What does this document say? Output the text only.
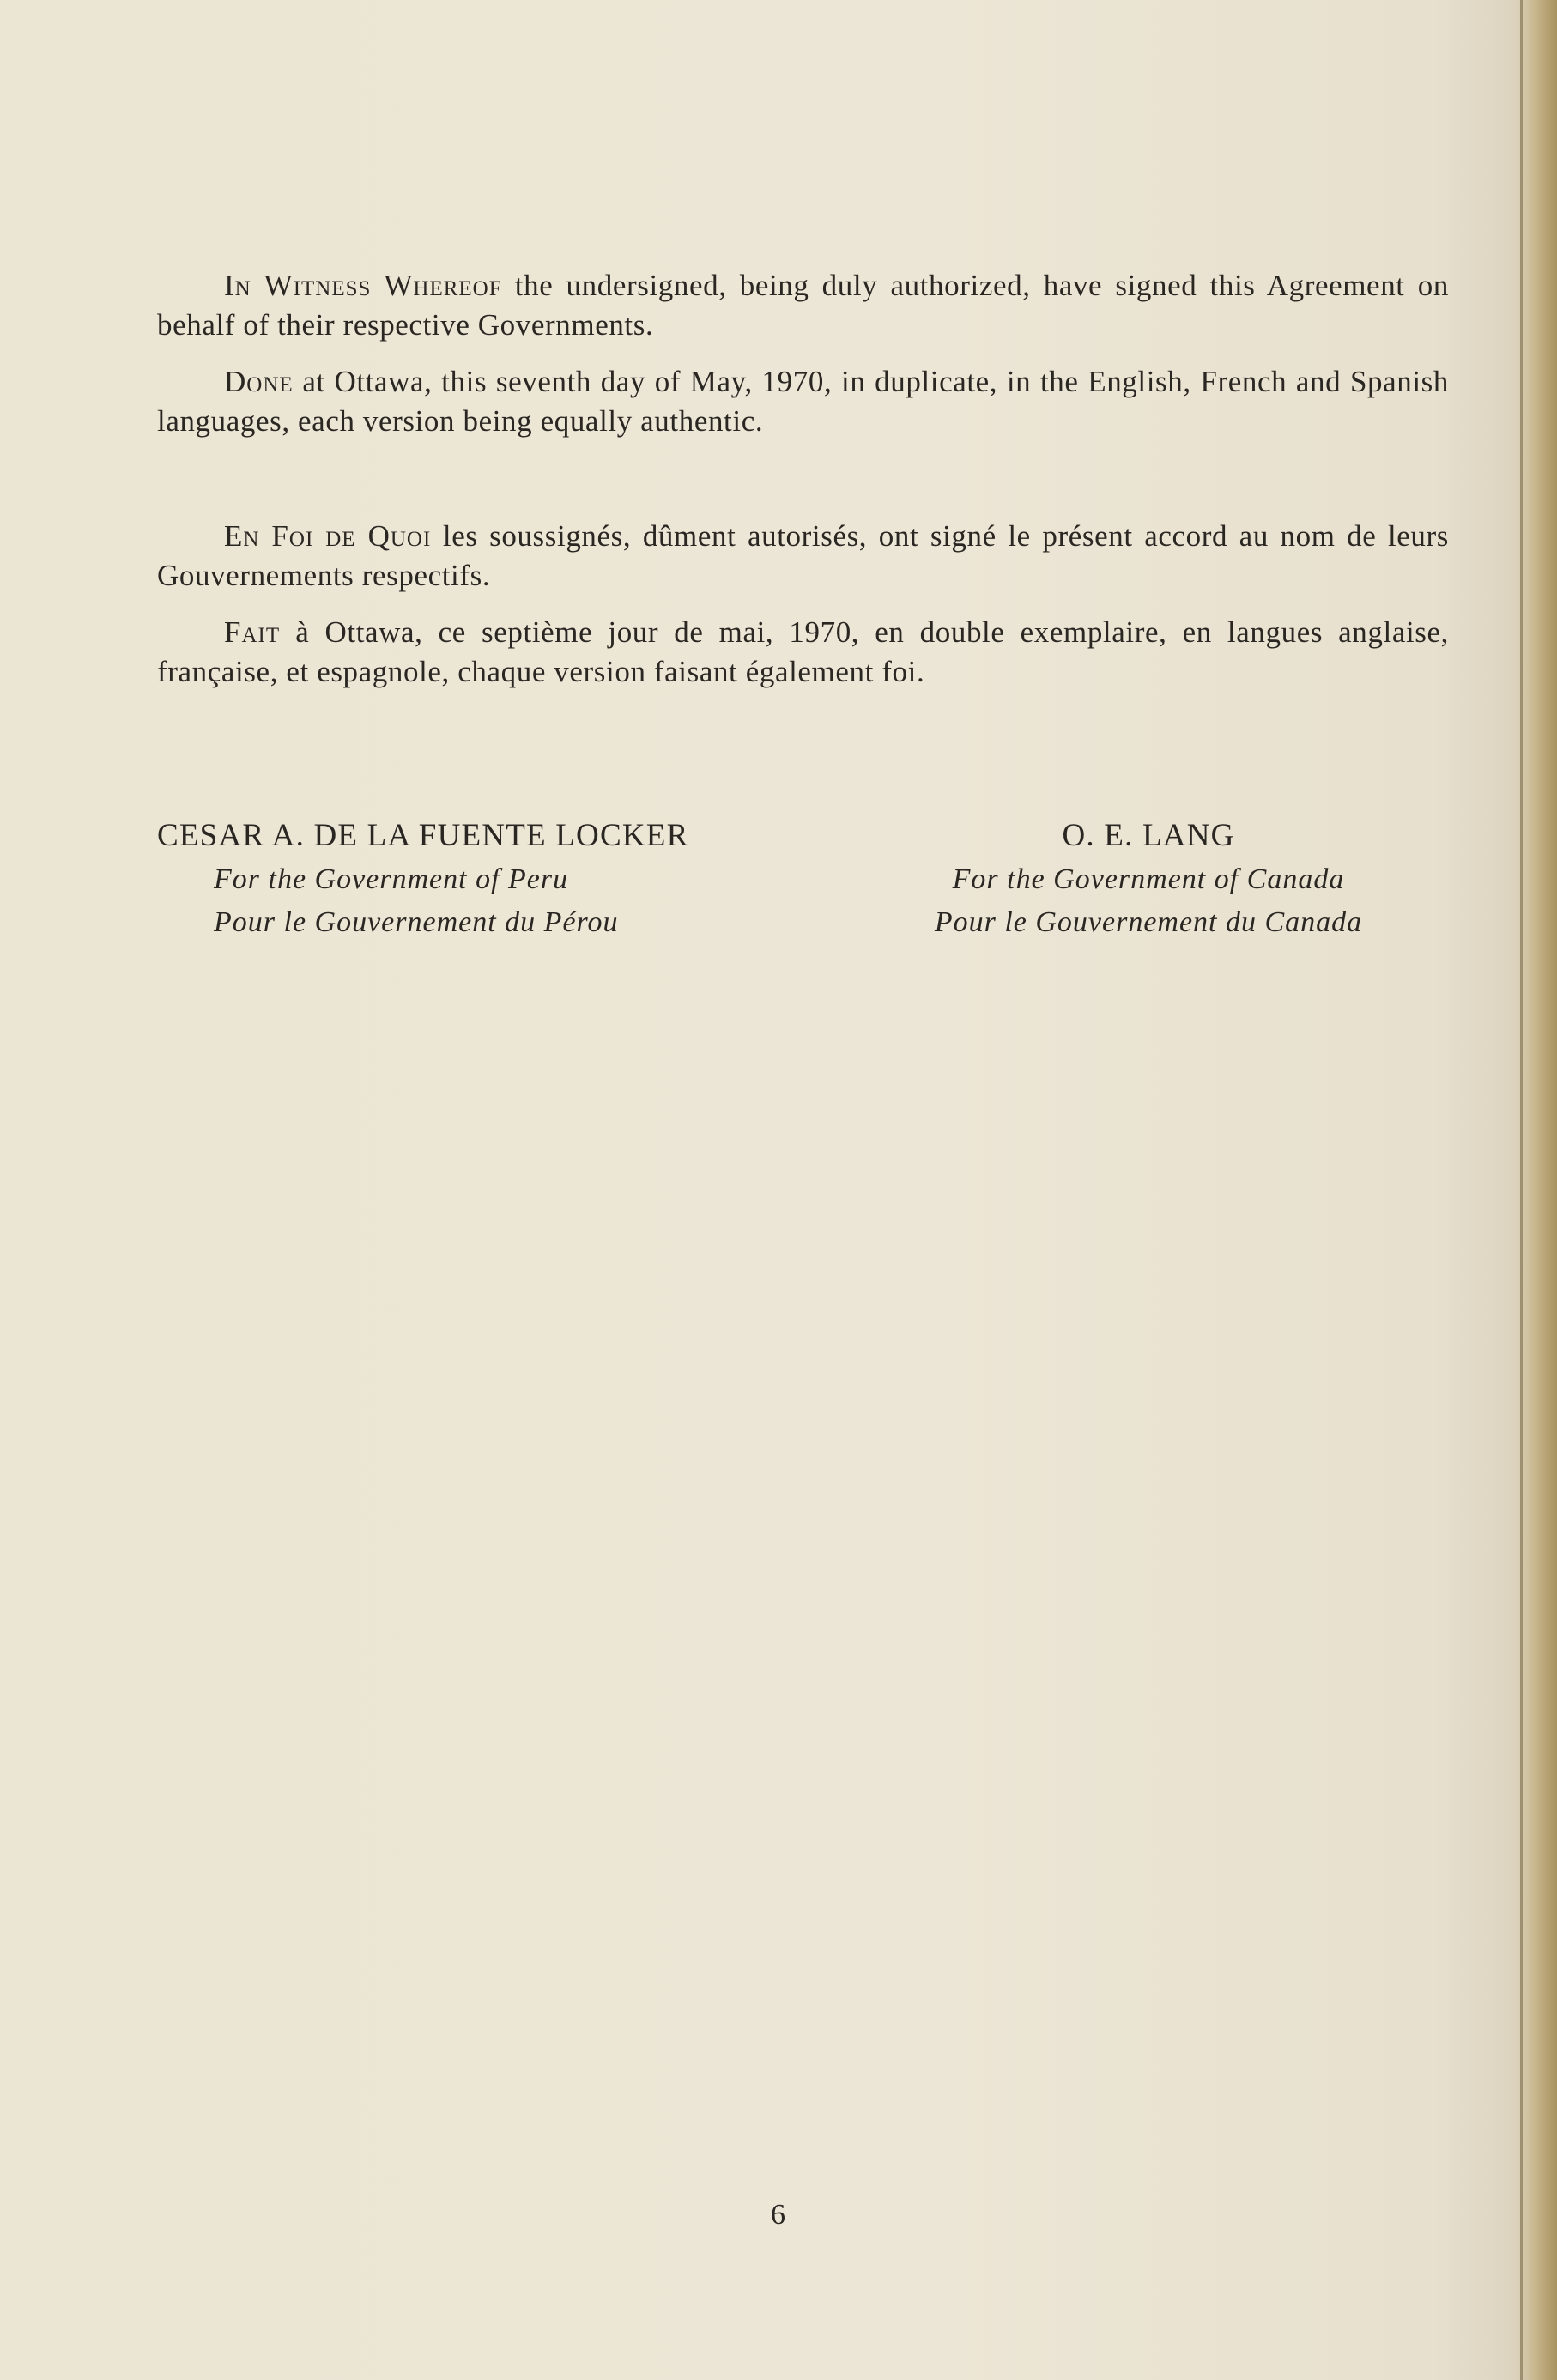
In Witness Whereof the undersigned, being duly authorized, have signed this Agreement on behalf of their respective Governments.

Done at Ottawa, this seventh day of May, 1970, in duplicate, in the English, French and Spanish languages, each version being equally authentic.

En Foi de Quoi les soussignés, dûment autorisés, ont signé le présent accord au nom de leurs Gouvernements respectifs.

Fait à Ottawa, ce septième jour de mai, 1970, en double exemplaire, en langues anglaise, française, et espagnole, chaque version faisant également foi.

CESAR A. DE LA FUENTE LOCKER
For the Government of Peru
Pour le Gouvernement du Pérou
O. E. LANG
For the Government of Canada
Pour le Gouvernement du Canada
6
